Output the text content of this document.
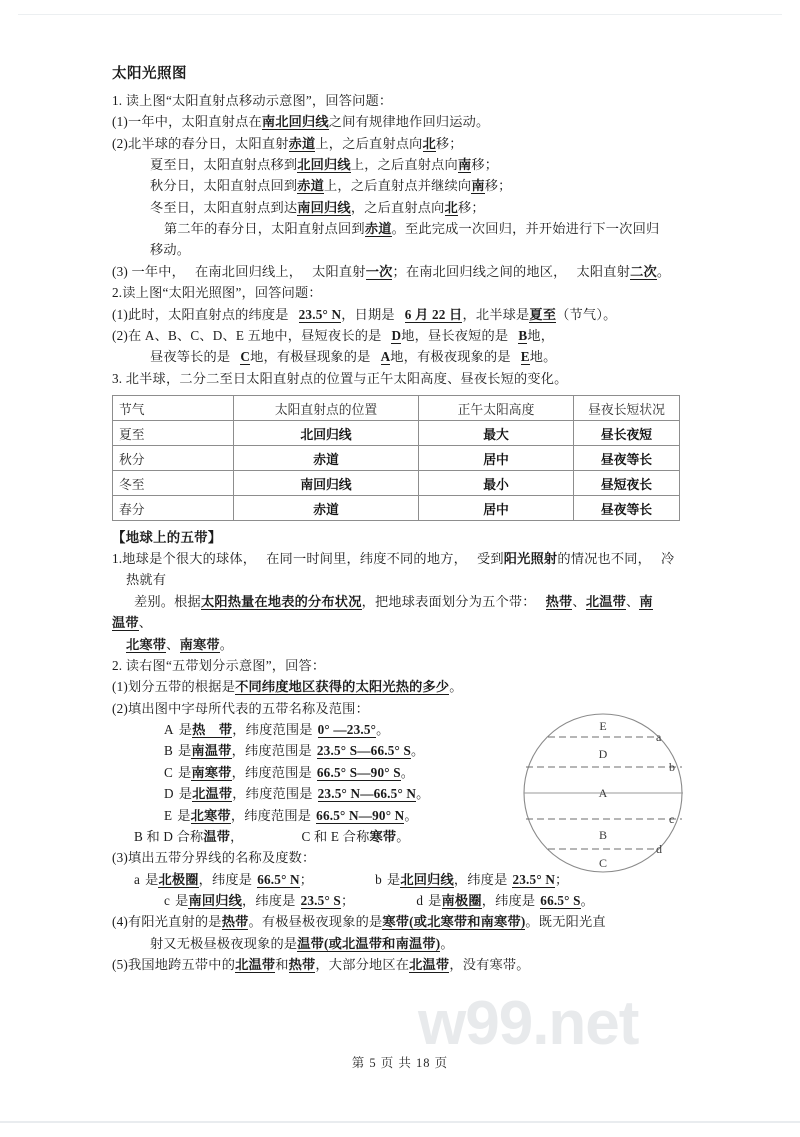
w99.net
太阳光照图

1. 读上图“太阳直射点移动示意图”，回答问题：

(1)一年中，太阳直射点在南北回归线之间有规律地作回归运动。

(2)北半球的春分日，太阳直射赤道上，之后直射点向北移；

夏至日，太阳直射点移到北回归线上，之后直射点向南移；

秋分日，太阳直射点回到赤道上，之后直射点并继续向南移；

冬至日，太阳直射点到达南回归线，之后直射点向北移；

第二年的春分日，太阳直射点回到赤道。至此完成一次回归，并开始进行下一次回归

移动。

(3) 一年中， 在南北回归线上， 太阳直射一次；在南北回归线之间的地区， 太阳直射二次。

2.读上图“太阳光照图”，回答问题：

(1)此时，太阳直射点的纬度是 23.5° N，日期是 6 月 22 日，北半球是夏至（节气）。

(2)在 A、B、C、D、E 五地中，昼短夜长的是 D地，昼长夜短的是 B地，

昼夜等长的是 C地，有极昼现象的是 A地，有极夜现象的是 E地。

3. 北半球，二分二至日太阳直射点的位置与正午太阳高度、昼夜长短的变化。

节气	太阳直射点的位置	正午太阳高度	昼夜长短状况
夏至	北回归线	最大	昼长夜短
秋分	赤道	居中	昼夜等长
冬至	南回归线	最小	昼短夜长
春分	赤道	居中	昼夜等长

【地球上的五带】

1.地球是个很大的球体， 在同一时间里，纬度不同的地方， 受到阳光照射的情况也不同， 冷

热就有

差别。根据太阳热量在地表的分布状况，把地球表面划分为五个带： 热带、北温带、南

温带、

北寒带、南寒带。

2. 读右图“五带划分示意图”，回答：

(1)划分五带的根据是不同纬度地区获得的太阳光热的多少。

(2)填出图中字母所代表的五带名称及范围：

A 是热　带，纬度范围是 0° —23.5°。

B 是南温带，纬度范围是 23.5° S—66.5° S。

C 是南寒带，纬度范围是 66.5° S—90° S。

D 是北温带，纬度范围是 23.5° N—66.5° N。

E 是北寒带，纬度范围是 66.5° N—90° N。

B 和 D 合称温带，	C 和 E 合称寒带。

(3)填出五带分界线的名称及度数：

a 是北极圈，纬度是 66.5° N；	b 是北回归线，纬度是 23.5° N；

c 是南回归线，纬度是 23.5° S；	d 是南极圈，纬度是 66.5° S。

(4)有阳光直射的是热带。有极昼极夜现象的是寒带(或北寒带和南寒带)。既无阳光直

射又无极昼极夜现象的是温带(或北温带和南温带)。

(5)我国地跨五带中的北温带和热带，大部分地区在北温带，没有寒带。

E
D
A
B
C
a
b
c
d
第 5 页 共 18 页
